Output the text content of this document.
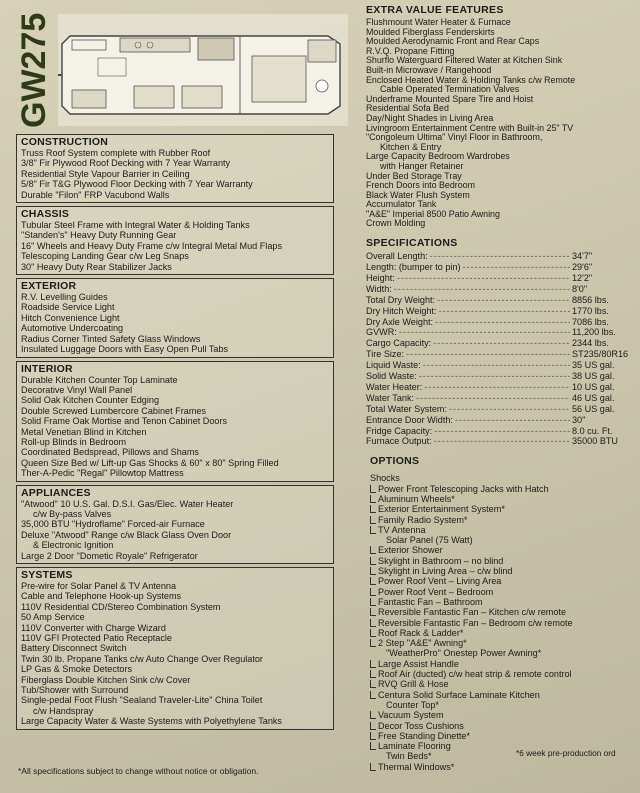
GW275
CONSTRUCTION
Truss Roof System complete with Rubber Roof
3/8" Fir Plywood Roof Decking with 7 Year Warranty
Residential Style Vapour Barrier in Ceiling
5/8" Fir T&G Plywood Floor Decking with 7 Year Warranty
Durable "Filon" FRP Vacubond Walls
CHASSIS
Tubular Steel Frame with Integral Water & Holding Tanks
"Standen's" Heavy Duty Running Gear
16" Wheels and Heavy Duty Frame c/w Integral Metal Mud Flaps
Telescoping Landing Gear c/w Leg Snaps
30" Heavy Duty Rear Stabilizer Jacks
EXTERIOR
R.V. Levelling Guides
Roadside Service Light
Hitch Convenience Light
Automotive Undercoating
Radius Corner Tinted Safety Glass Windows
Insulated Luggage Doors with Easy Open Pull Tabs
INTERIOR
Durable Kitchen Counter Top Laminate
Decorative Vinyl Wall Panel
Solid Oak Kitchen Counter Edging
Double Screwed Lumbercore Cabinet Frames
Solid Frame Oak Mortise and Tenon Cabinet Doors
Metal Venetian Blind in Kitchen
Roll-up Blinds in Bedroom
Coordinated Bedspread, Pillows and Shams
Queen Size Bed w/ Lift-up Gas Shocks & 60" x 80" Spring Filled
Ther-A-Pedic "Regal" Pillowtop Mattress
APPLIANCES
"Atwood" 10 U.S. Gal. D.S.I. Gas/Elec. Water Heater
c/w By-pass Valves
35,000 BTU "Hydroflame" Forced-air Furnace
Deluxe "Atwood" Range c/w Black Glass Oven Door
& Electronic Ignition
Large 2 Door "Dometic Royale" Refrigerator
SYSTEMS
Pre-wire for Solar Panel & TV Antenna
Cable and Telephone Hook-up Systems
110V Residential CD/Stereo Combination System
50 Amp Service
110V Converter with Charge Wizard
110V GFI Protected Patio Receptacle
Battery Disconnect Switch
Twin 30 lb. Propane Tanks c/w Auto Change Over Regulator
LP Gas & Smoke Detectors
Fiberglass Double Kitchen Sink c/w Cover
Tub/Shower with Surround
Single-pedal Foot Flush "Sealand Traveler-Lite" China Toilet
c/w Handspray
Large Capacity Water & Waste Systems with Polyethylene Tanks
*All specifications subject to change without notice or obligation.
EXTRA VALUE FEATURES
Flushmount Water Heater & Furnace
Moulded Fiberglass Fenderskirts
Moulded Aerodynamic Front and Rear Caps
R.V.Q. Propane Fitting
Shurflo Waterguard Filtered Water at Kitchen Sink
Built-in Microwave / Rangehood
Enclosed Heated Water & Holding Tanks c/w Remote
Cable Operated Termination Valves
Underframe Mounted Spare Tire and Hoist
Residential Sofa Bed
Day/Night Shades in Living Area
Livingroom Entertainment Centre with Built-in 25" TV
"Congoleum Ultima" Vinyl Floor in Bathroom,
Kitchen & Entry
Large Capacity Bedroom Wardrobes
with Hanger Retainer
Under Bed Storage Tray
French Doors into Bedroom
Black Water Flush System
Accumulator Tank
"A&E" Imperial 8500 Patio Awning
Crown Molding
SPECIFICATIONS
Overall Length: -----	34'7"
Length: (bumper to pin) -----	29'6"
Height: -----	12'2"
Width: -----	8'0"
Total Dry Weight: -----	8856 lbs.
Dry Hitch Weight: -----	1770 lbs.
Dry Axle Weight: -----	7086 lbs.
GVWR: -----	11,200 lbs.
Cargo Capacity: -----	2344 lbs.
Tire Size: -----	ST235/80R16
Liquid Waste: -----	35 US gal.
Solid Waste: -----	38 US gal.
Water Heater: -----	10 US gal.
Water Tank: -----	46 US gal.
Total Water System: -----	56 US gal.
Entrance Door Width: -----	30"
Fridge Capacity: -----	8.0 cu. Ft.
Furnace Output: -----	35000 BTU
OPTIONS
Shocks
Power Front Telescoping Jacks with Hatch
Aluminum Wheels*
Exterior Entertainment System*
Family Radio System*
TV Antenna
Solar Panel (75 Watt)
Exterior Shower
Skylight in Bathroom – no blind
Skylight in Living Area – c/w blind
Power Roof Vent – Living Area
Power Roof Vent – Bedroom
Fantastic Fan – Bathroom
Reversible Fantastic Fan – Kitchen c/w remote
Reversible Fantastic Fan – Bedroom c/w remote
Roof Rack & Ladder*
2 Step "A&E" Awning*
"WeatherPro" Onestep Power Awning*
Large Assist Handle
Roof Air (ducted) c/w heat strip & remote control
RVQ Grill & Hose
Centura Solid Surface Laminate Kitchen
Counter Top*
Vacuum System
Decor Toss Cushions
Free Standing Dinette*
Laminate Flooring
Twin Beds*
Thermal Windows*
*6 week pre-production ord
